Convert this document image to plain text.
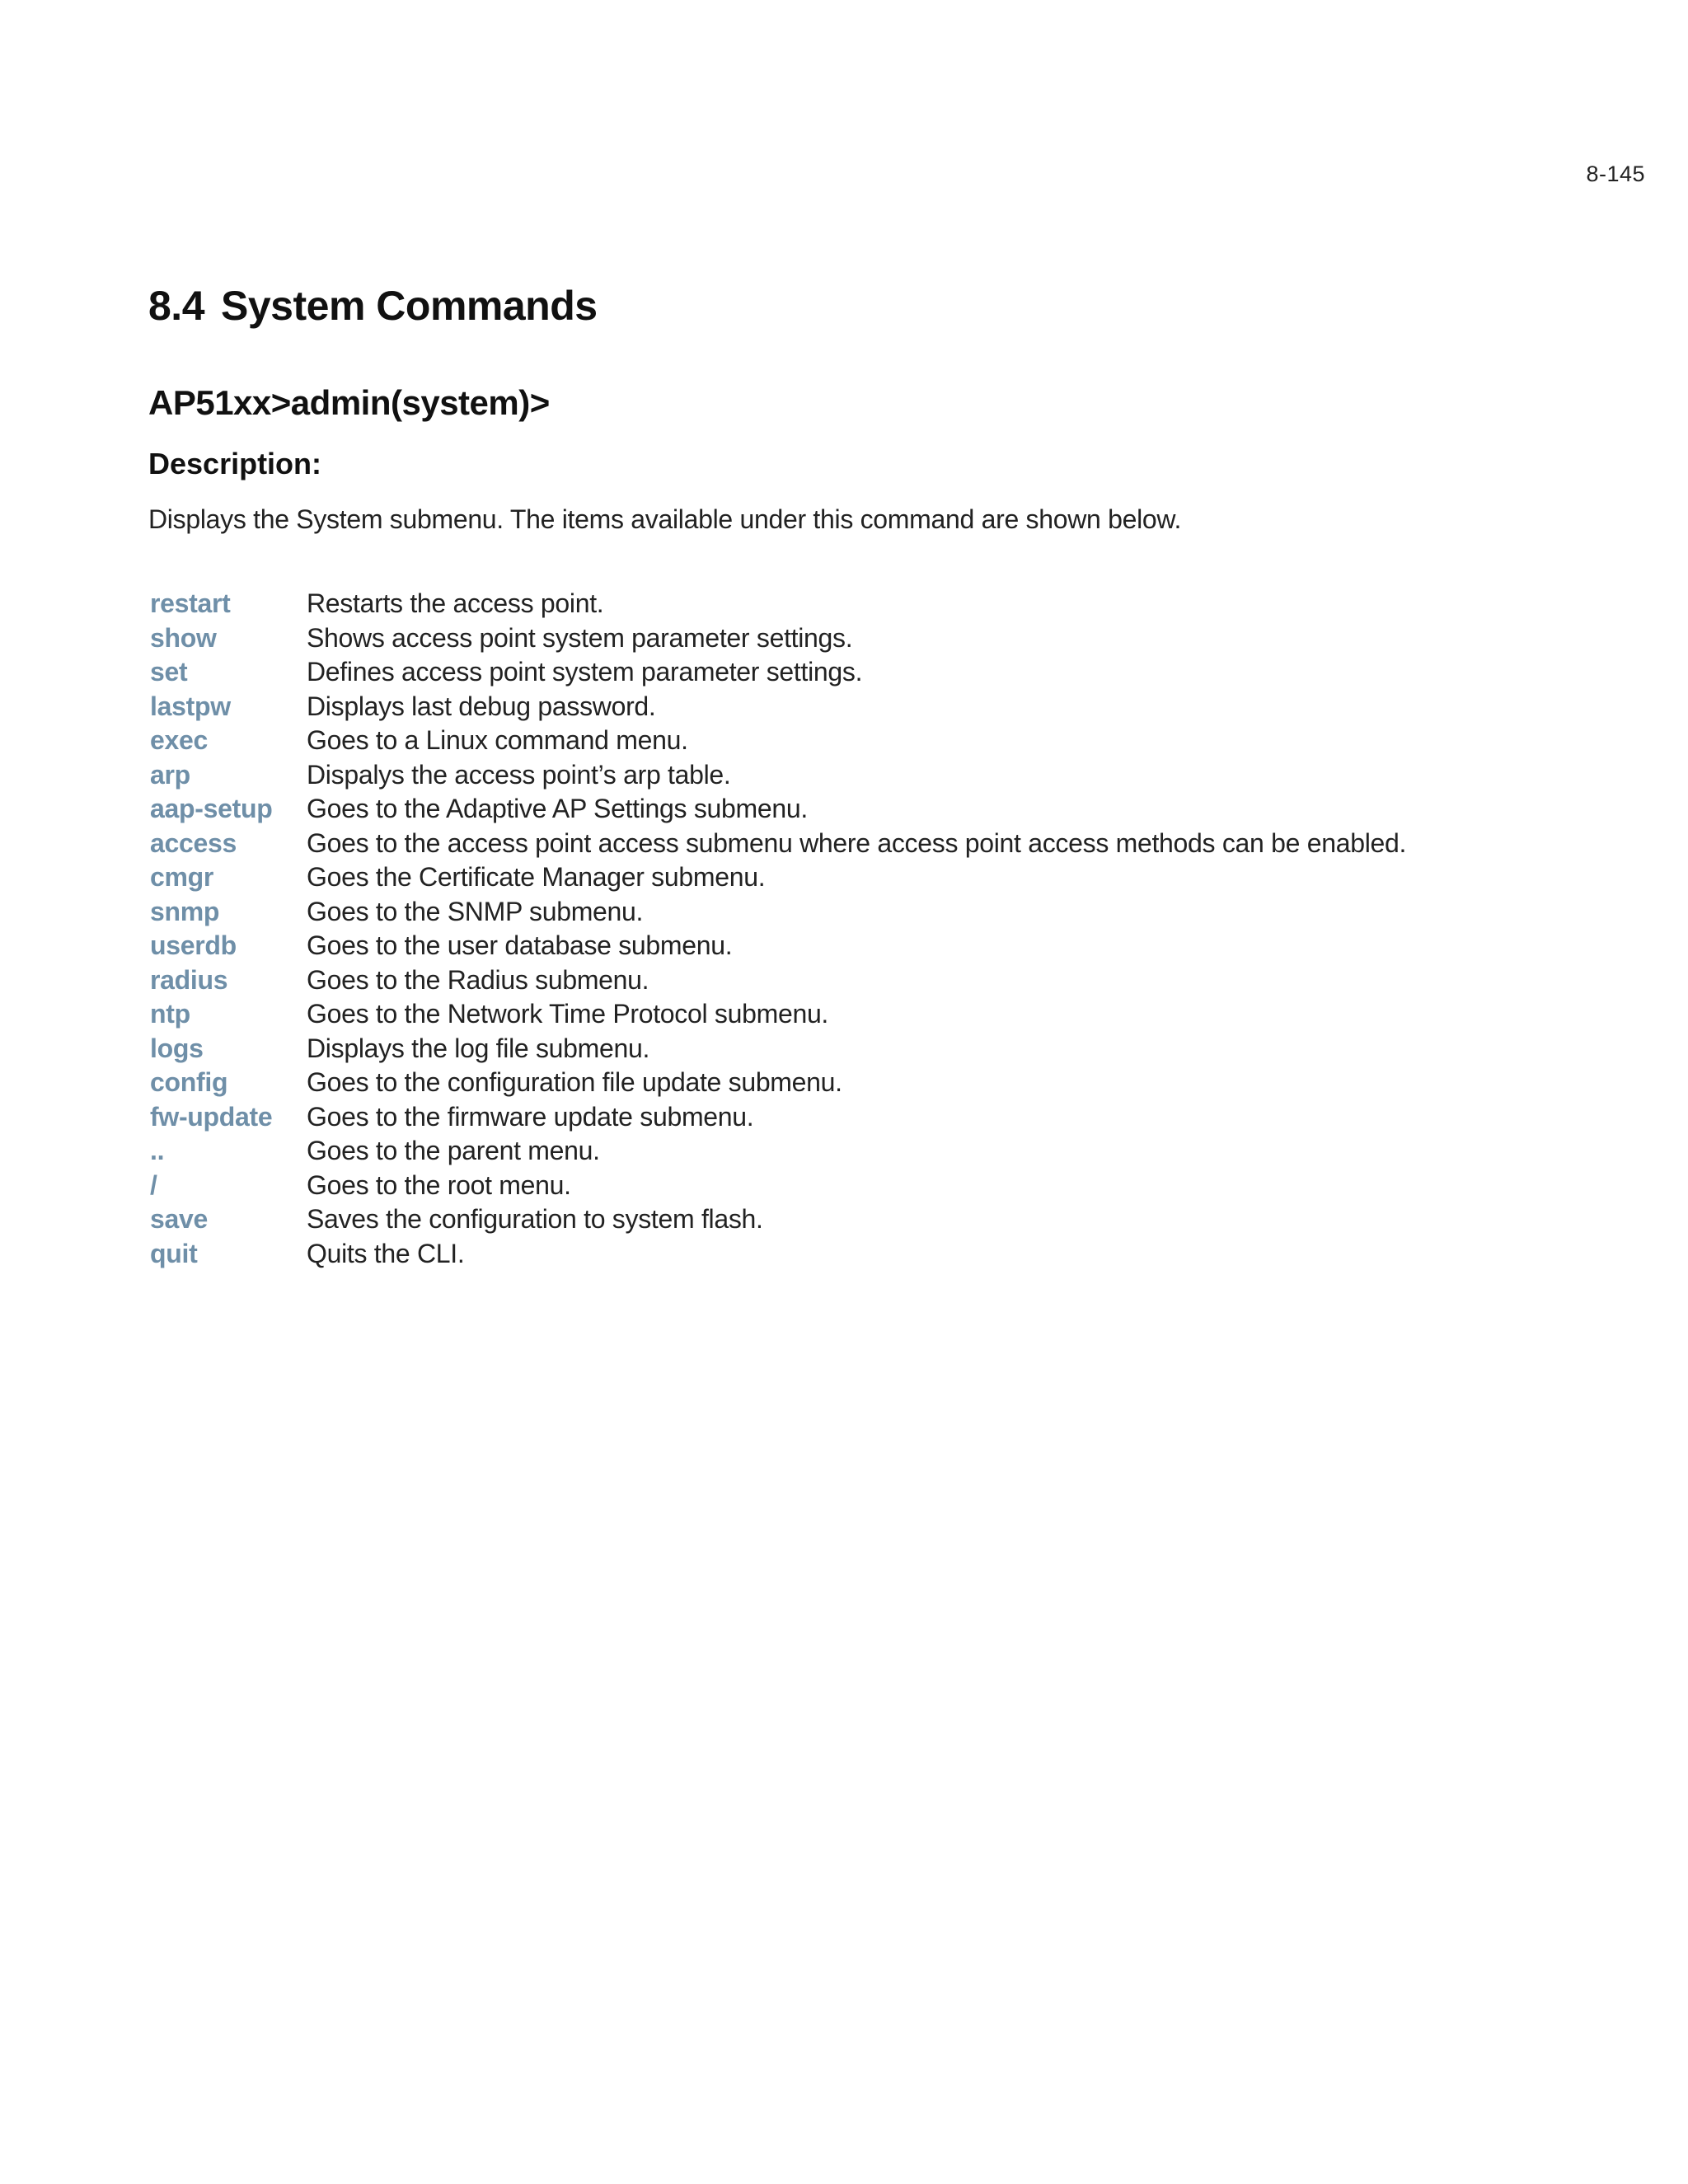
8-145
8.4 System Commands
AP51xx>admin(system)>
Description:

Displays the System submenu. The items available under this command are shown below.

restart	Restarts the access point.
show	Shows access point system parameter settings.
set	Defines access point system parameter settings.
lastpw	Displays last debug password.
exec	Goes to a Linux command menu.
arp	Dispalys the access point’s arp table.
aap-setup	Goes to the Adaptive AP Settings submenu.
access	Goes to the access point access submenu where access point access methods can be enabled.
cmgr	Goes the Certificate Manager submenu.
snmp	Goes to the SNMP submenu.
userdb	Goes to the user database submenu.
radius	Goes to the Radius submenu.
ntp	Goes to the Network Time Protocol submenu.
logs	Displays the log file submenu.
config	Goes to the configuration file update submenu.
fw-update	Goes to the firmware update submenu.
..	Goes to the parent menu.
/	Goes to the root menu.
save	Saves the configuration to system flash.
quit	Quits the CLI.
